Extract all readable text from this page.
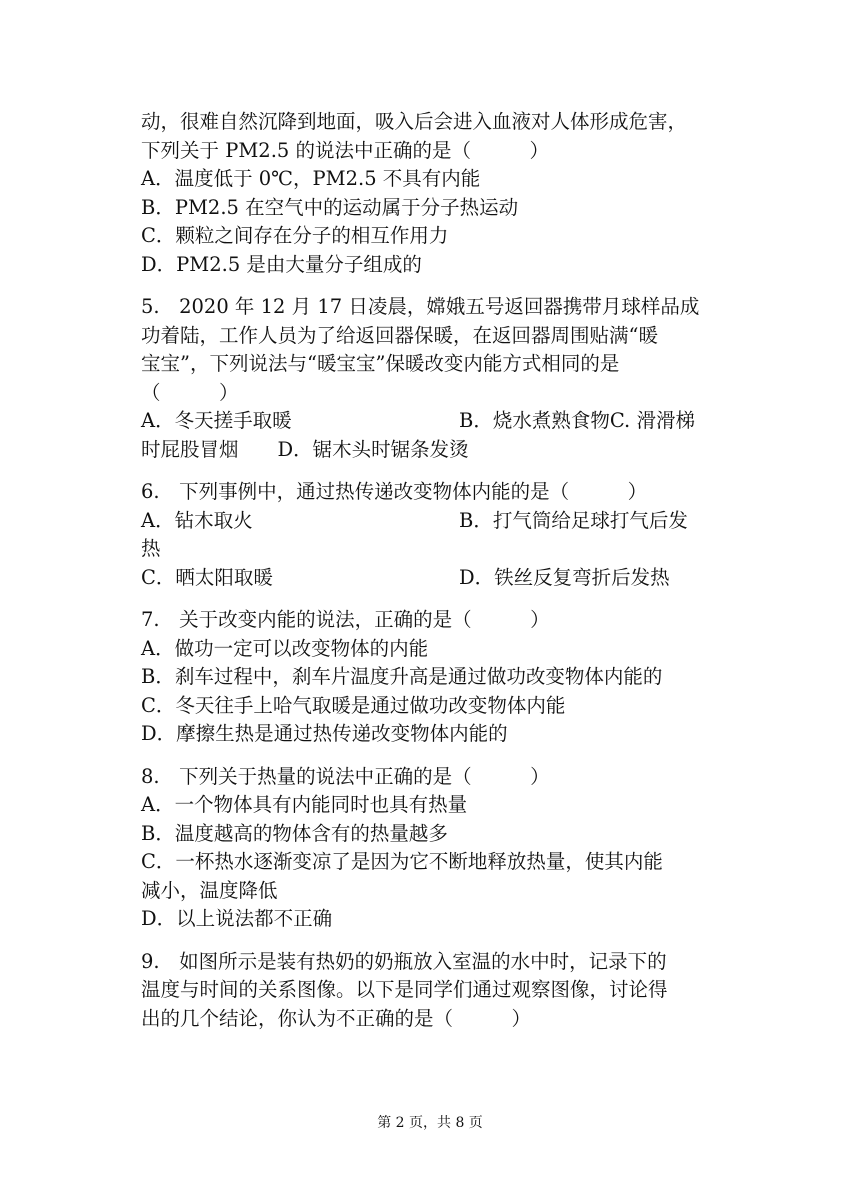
动，很难自然沉降到地面，吸入后会进入血液对人体形成危害，
下列关于 PM2.5 的说法中正确的是（　　　）
A．温度低于 0℃，PM2.5 不具有内能
B．PM2.5 在空气中的运动属于分子热运动
C．颗粒之间存在分子的相互作用力
D．PM2.5 是由大量分子组成的
5.　2020 年 12 月 17 日凌晨，嫦娥五号返回器携带月球样品成
功着陆，工作人员为了给返回器保暖，在返回器周围贴满“暖
宝宝”，下列说法与“暖宝宝”保暖改变内能方式相同的是
（　　　）
A．冬天搓手取暖	B．烧水煮熟食物C. 滑滑梯
时屁股冒烟　　D．锯木头时锯条发烫
6.　下列事例中，通过热传递改变物体内能的是（　　　）
A．钻木取火	B．打气筒给足球打气后发
热
C．晒太阳取暖	D．铁丝反复弯折后发热
7.　关于改变内能的说法，正确的是（　　　）
A．做功一定可以改变物体的内能
B．刹车过程中，刹车片温度升高是通过做功改变物体内能的
C．冬天往手上哈气取暖是通过做功改变物体内能
D．摩擦生热是通过热传递改变物体内能的
8.　下列关于热量的说法中正确的是（　　　）
A．一个物体具有内能同时也具有热量
B．温度越高的物体含有的热量越多
C．一杯热水逐渐变凉了是因为它不断地释放热量，使其内能
减小，温度降低
D．以上说法都不正确
9.　如图所示是装有热奶的奶瓶放入室温的水中时，记录下的
温度与时间的关系图像。以下是同学们通过观察图像，讨论得
出的几个结论，你认为不正确的是（　　　）
第 2 页，共 8 页
